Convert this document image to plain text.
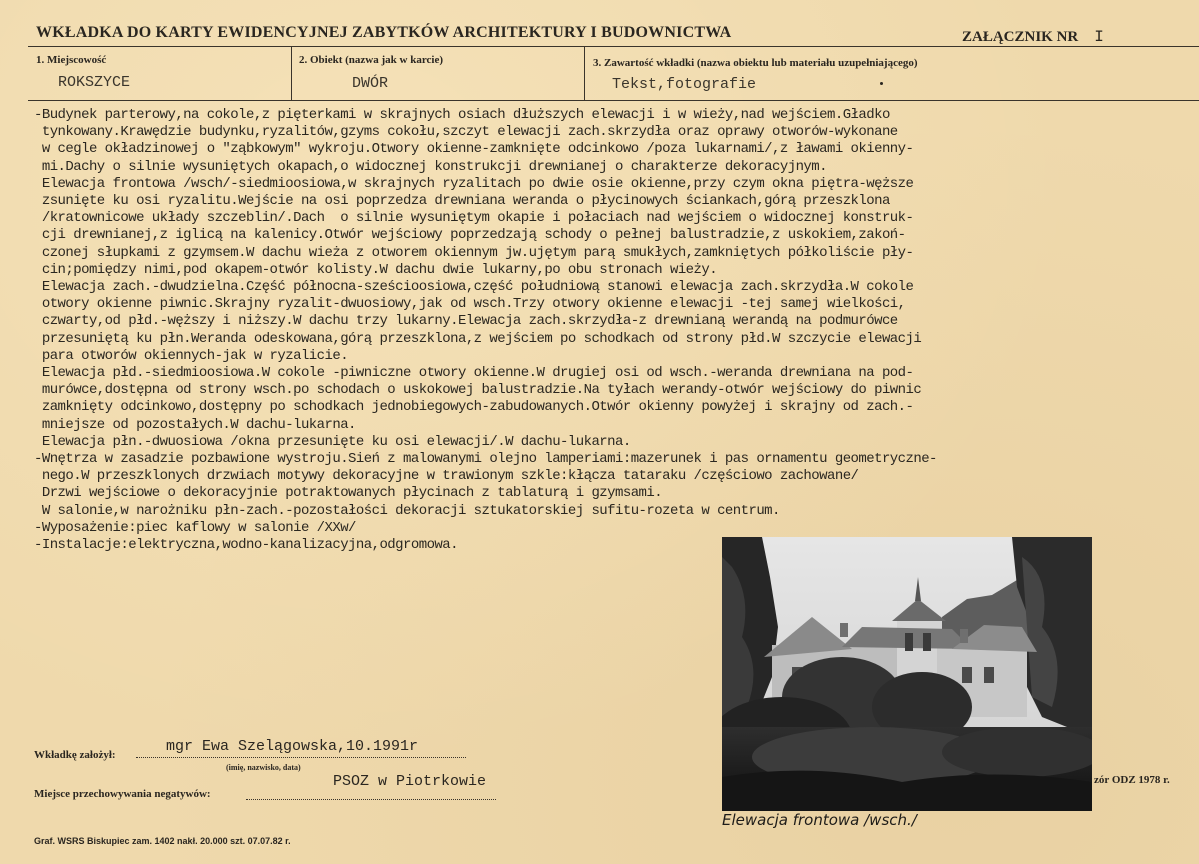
WKŁADKA DO KARTY EWIDENCYJNEJ ZABYTKÓW ARCHITEKTURY I BUDOWNICTWA	ZAŁĄCZNIK NR I
1. Miejscowość
ROKSZYCE
2. Obiekt (nazwa jak w karcie)
DWÓR
3. Zawartość wkładki (nazwa obiektu lub materiału uzupełniającego)
Tekst,fotografie
-Budynek parterowy,na cokole,z pięterkami w skrajnych osiach dłuższych elewacji i w wieży,nad wejściem.Gładko
tynkowany.Krawędzie budynku,ryzalitów,gzyms cokołu,szczyt elewacji zach.skrzydła oraz oprawy otworów-wykonane
w cegle okładzinowej o "ząbkowym" wykroju.Otwory okienne-zamknięte odcinkowo /poza lukarnami/,z ławami okienny-
mi.Dachy o silnie wysuniętych okapach,o widocznej konstrukcji drewnianej o charakterze dekoracyjnym.
Elewacja frontowa /wsch/-siedmioosiowa,w skrajnych ryzalitach po dwie osie okienne,przy czym okna piętra-węższe
zsunięte ku osi ryzalitu.Wejście na osi poprzedza drewniana weranda o płycinowych ściankach,górą przeszklona
/kratownicowe układy szczeblin/.Dach  o silnie wysuniętym okapie i połaciach nad wejściem o widocznej konstruk-
cji drewnianej,z iglicą na kalenicy.Otwór wejściowy poprzedzają schody o pełnej balustradzie,z uskokiem,zakoń-
czonej słupkami z gzymsem.W dachu wieża z otworem okiennym jw.ujętym parą smukłych,zamkniętych półkoliście pły-
cin;pomiędzy nimi,pod okapem-otwór kolisty.W dachu dwie lukarny,po obu stronach wieży.
Elewacja zach.-dwudzielna.Część północna-sześcioosiowa,część południową stanowi elewacja zach.skrzydła.W cokole
otwory okienne piwnic.Skrajny ryzalit-dwuosiowy,jak od wsch.Trzy otwory okienne elewacji -tej samej wielkości,
czwarty,od płd.-węższy i niższy.W dachu trzy lukarny.Elewacja zach.skrzydła-z drewnianą werandą na podmurówce
przesuniętą ku płn.Weranda odeskowana,górą przeszklona,z wejściem po schodkach od strony płd.W szczycie elewacji
para otworów okiennych-jak w ryzalicie.
Elewacja płd.-siedmioosiowa.W cokole -piwniczne otwory okienne.W drugiej osi od wsch.-weranda drewniana na pod-
murówce,dostępna od strony wsch.po schodach o uskokowej balustradzie.Na tyłach werandy-otwór wejściowy do piwnic
zamknięty odcinkowo,dostępny po schodkach jednobiegowych-zabudowanych.Otwór okienny powyżej i skrajny od zach.-
mniejsze od pozostałych.W dachu-lukarna.
Elewacja płn.-dwuosiowa /okna przesunięte ku osi elewacji/.W dachu-lukarna.
-Wnętrza w zasadzie pozbawione wystroju.Sień z malowanymi olejno lamperiami:mazerunek i pas ornamentu geometryczne-
nego.W przeszklonych drzwiach motywy dekoracyjne w trawionym szkle:kłącza tataraku /częściowo zachowane/
Drzwi wejściowe o dekoracyjnie potraktowanych płycinach z tablaturą i gzymsami.
W salonie,w narożniku płn-zach.-pozostałości dekoracji sztukatorskiej sufitu-rozeta w centrum.
-Wyposażenie:piec kaflowy w salonie /XXw/
-Instalacje:elektryczna,wodno-kanalizacyjna,odgromowa.
Elewacja frontowa /wsch./
Wkładkę założył:	mgr Ewa Szelągowska,10.1991r
(imię, nazwisko, data)
PSOZ w Piotrkowie
Miejsce przechowywania negatywów:
zór ODZ 1978 r.
Graf. WSRS Biskupiec zam. 1402 nakł. 20.000 szt. 07.07.82 r.
